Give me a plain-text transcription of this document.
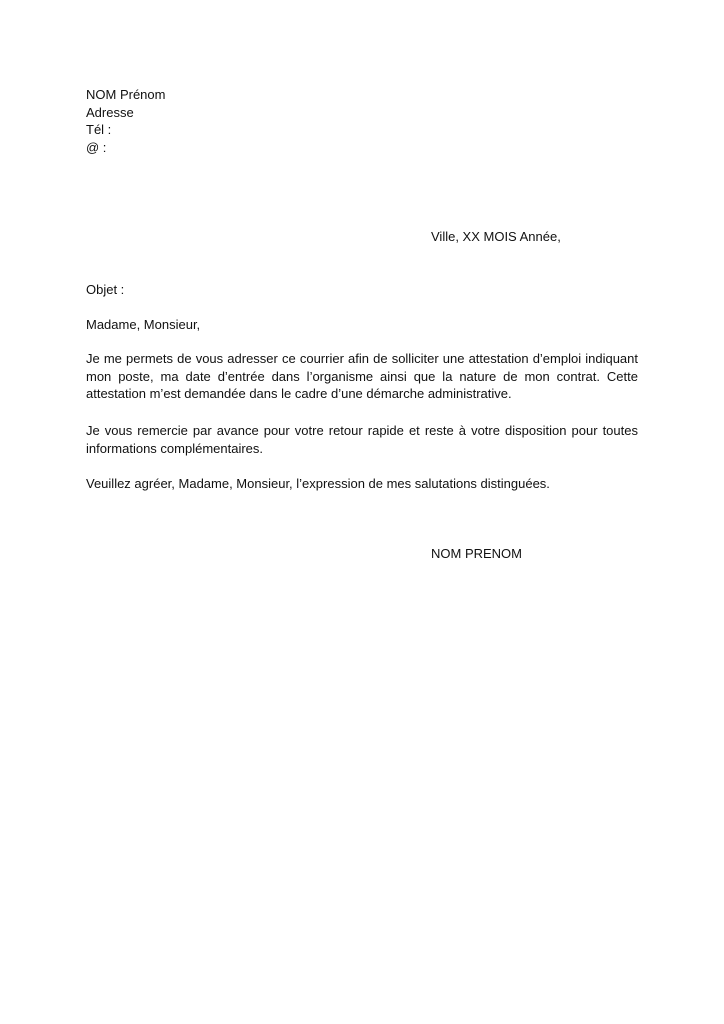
NOM Prénom
Adresse
Tél :
@ :
Ville, XX MOIS Année,
Objet :
Madame, Monsieur,

Je me permets de vous adresser ce courrier afin de solliciter une attestation d’emploi indiquant mon poste, ma date d’entrée dans l’organisme ainsi que la nature de mon contrat. Cette attestation m’est demandée dans le cadre d’une démarche administrative.

Je vous remercie par avance pour votre retour rapide et reste à votre disposition pour toutes informations complémentaires.

Veuillez agréer, Madame, Monsieur, l’expression de mes salutations distinguées.

NOM PRENOM
